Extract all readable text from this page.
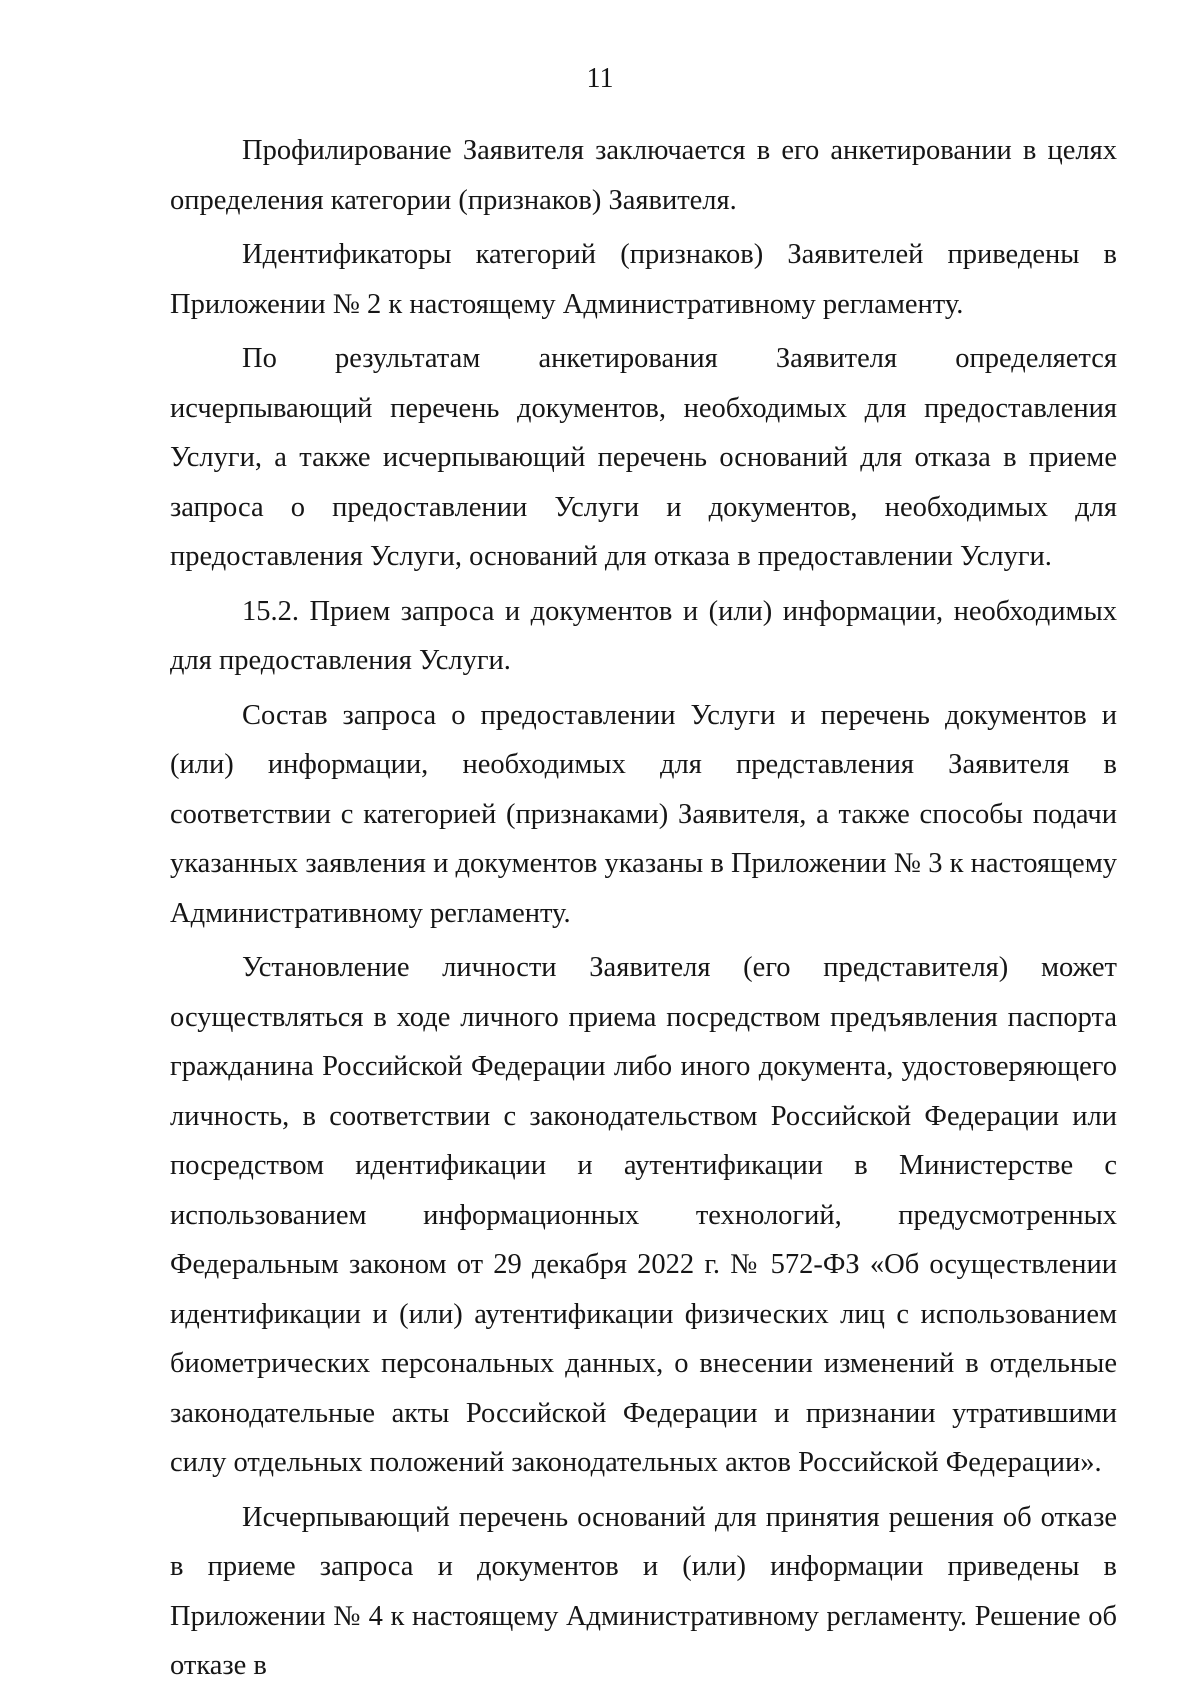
11

Профилирование Заявителя заключается в его анкетировании в целях определения категории (признаков) Заявителя.

Идентификаторы категорий (признаков) Заявителей приведены в Приложении № 2 к настоящему Административному регламенту.

По результатам анкетирования Заявителя определяется исчерпывающий перечень документов, необходимых для предоставления Услуги, а также исчерпывающий перечень оснований для отказа в приеме запроса о предоставлении Услуги и документов, необходимых для предоставления Услуги, оснований для отказа в предоставлении Услуги.

15.2. Прием запроса и документов и (или) информации, необходимых для предоставления Услуги.

Состав запроса о предоставлении Услуги и перечень документов и (или) информации, необходимых для представления Заявителя в соответствии с категорией (признаками) Заявителя, а также способы подачи указанных заявления и документов указаны в Приложении № 3 к настоящему Административному регламенту.

Установление личности Заявителя (его представителя) может осуществляться в ходе личного приема посредством предъявления паспорта гражданина Российской Федерации либо иного документа, удостоверяющего личность, в соответствии с законодательством Российской Федерации или посредством идентификации и аутентификации в Министерстве с использованием информационных технологий, предусмотренных Федеральным законом от 29 декабря 2022 г. № 572-ФЗ «Об осуществлении идентификации и (или) аутентификации физических лиц с использованием биометрических персональных данных, о внесении изменений в отдельные законодательные акты Российской Федерации и признании утратившими силу отдельных положений законодательных актов Российской Федерации».

Исчерпывающий перечень оснований для принятия решения об отказе в приеме запроса и документов и (или) информации приведены в Приложении № 4 к настоящему Административному регламенту. Решение об отказе в
